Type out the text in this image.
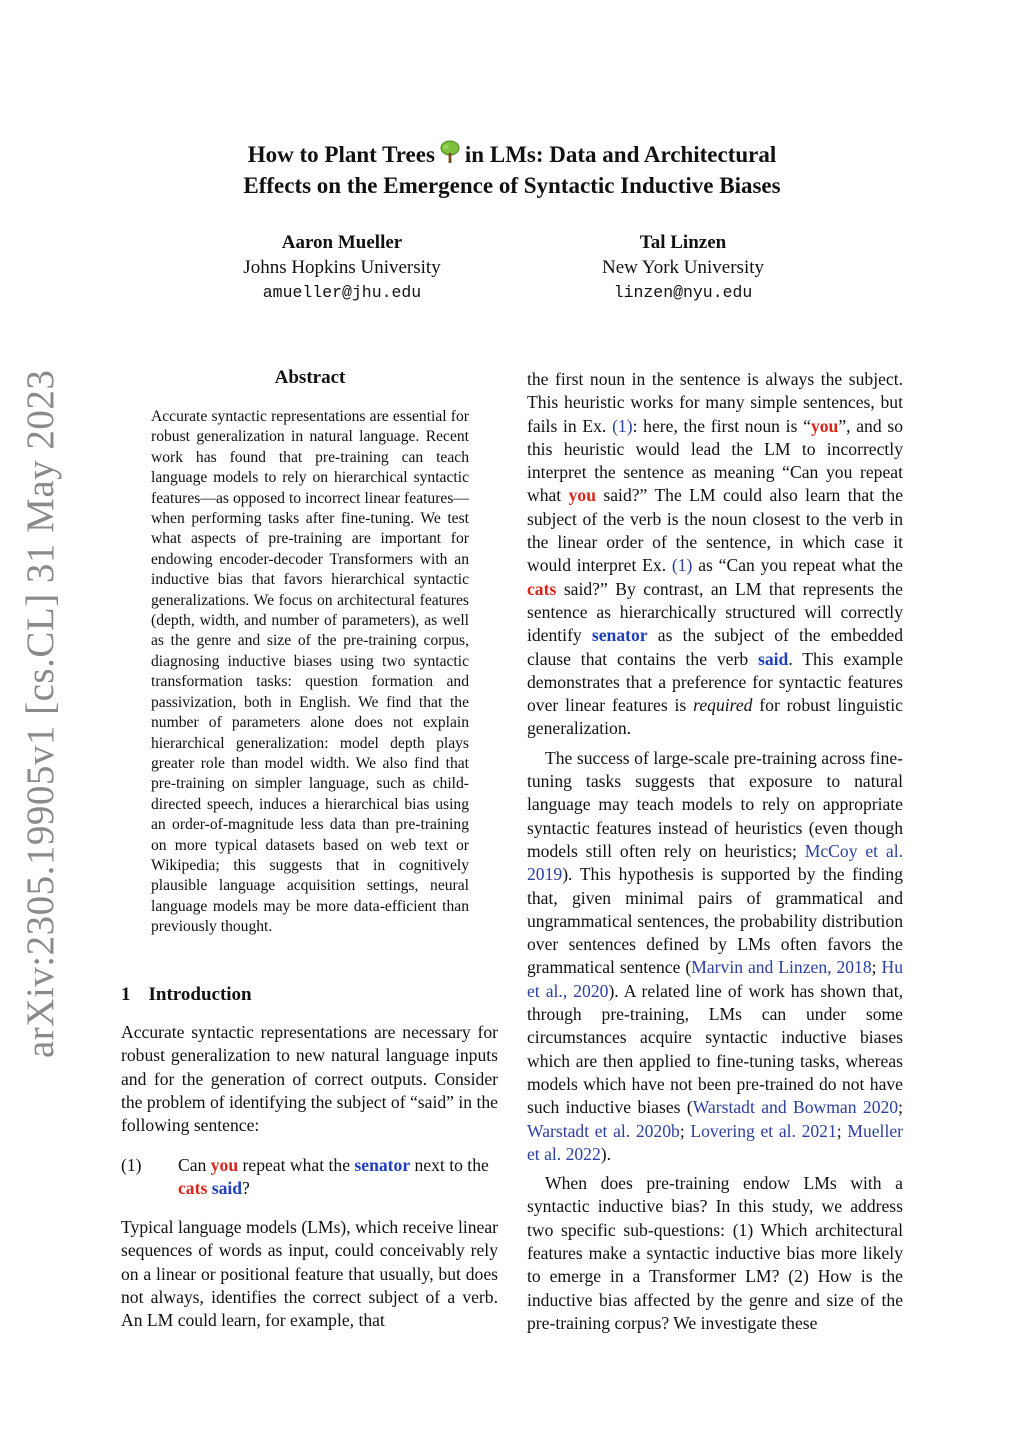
How to Plant Trees in LMs: Data and Architectural
Effects on the Emergence of Syntactic Inductive Biases
Aaron Mueller
Johns Hopkins University
amueller@jhu.edu
Tal Linzen
New York University
linzen@nyu.edu
arXiv:2305.19905v1 [cs.CL] 31 May 2023	Abstract
Accurate syntactic representations are essential for robust generalization in natural language. Recent work has found that pre-training can teach language models to rely on hierarchical syntactic features—as opposed to incorrect linear features—when performing tasks after fine-tuning. We test what aspects of pre-training are important for endowing encoder-decoder Transformers with an inductive bias that favors hierarchical syntactic generalizations. We focus on architectural features (depth, width, and number of parameters), as well as the genre and size of the pre-training corpus, diagnosing inductive biases using two syntactic transformation tasks: question formation and passivization, both in English. We find that the number of parameters alone does not explain hierarchical generalization: model depth plays greater role than model width. We also find that pre-training on simpler language, such as child-directed speech, induces a hierarchical bias using an order-of-magnitude less data than pre-training on more typical datasets based on web text or Wikipedia; this suggests that in cognitively plausible language acquisition settings, neural language models may be more data-efficient than previously thought.
1 Introduction

Accurate syntactic representations are necessary for robust generalization to new natural language inputs and for the generation of correct outputs. Consider the problem of identifying the subject of “said” in the following sentence:

(1) Can you repeat what the senator next to the cats said?

Typical language models (LMs), which receive linear sequences of words as input, could conceivably rely on a linear or positional feature that usually, but does not always, identifies the correct subject of a verb. An LM could learn, for example, that

the first noun in the sentence is always the subject. This heuristic works for many simple sentences, but fails in Ex. (1): here, the first noun is “you”, and so this heuristic would lead the LM to incorrectly interpret the sentence as meaning “Can you repeat what you said?” The LM could also learn that the subject of the verb is the noun closest to the verb in the linear order of the sentence, in which case it would interpret Ex. (1) as “Can you repeat what the cats said?” By contrast, an LM that represents the sentence as hierarchically structured will correctly identify senator as the subject of the embedded clause that contains the verb said. This example demonstrates that a preference for syntactic features over linear features is required for robust linguistic generalization.

The success of large-scale pre-training across fine-tuning tasks suggests that exposure to natural language may teach models to rely on appropriate syntactic features instead of heuristics (even though models still often rely on heuristics; McCoy et al. 2019). This hypothesis is supported by the finding that, given minimal pairs of grammatical and ungrammatical sentences, the probability distribution over sentences defined by LMs often favors the grammatical sentence (Marvin and Linzen, 2018; Hu et al., 2020). A related line of work has shown that, through pre-training, LMs can under some circumstances acquire syntactic inductive biases which are then applied to fine-tuning tasks, whereas models which have not been pre-trained do not have such inductive biases (Warstadt and Bowman 2020; Warstadt et al. 2020b; Lovering et al. 2021; Mueller et al. 2022).

When does pre-training endow LMs with a syntactic inductive bias? In this study, we address two specific sub-questions: (1) Which architectural features make a syntactic inductive bias more likely to emerge in a Transformer LM? (2) How is the inductive bias affected by the genre and size of the pre-training corpus? We investigate these
